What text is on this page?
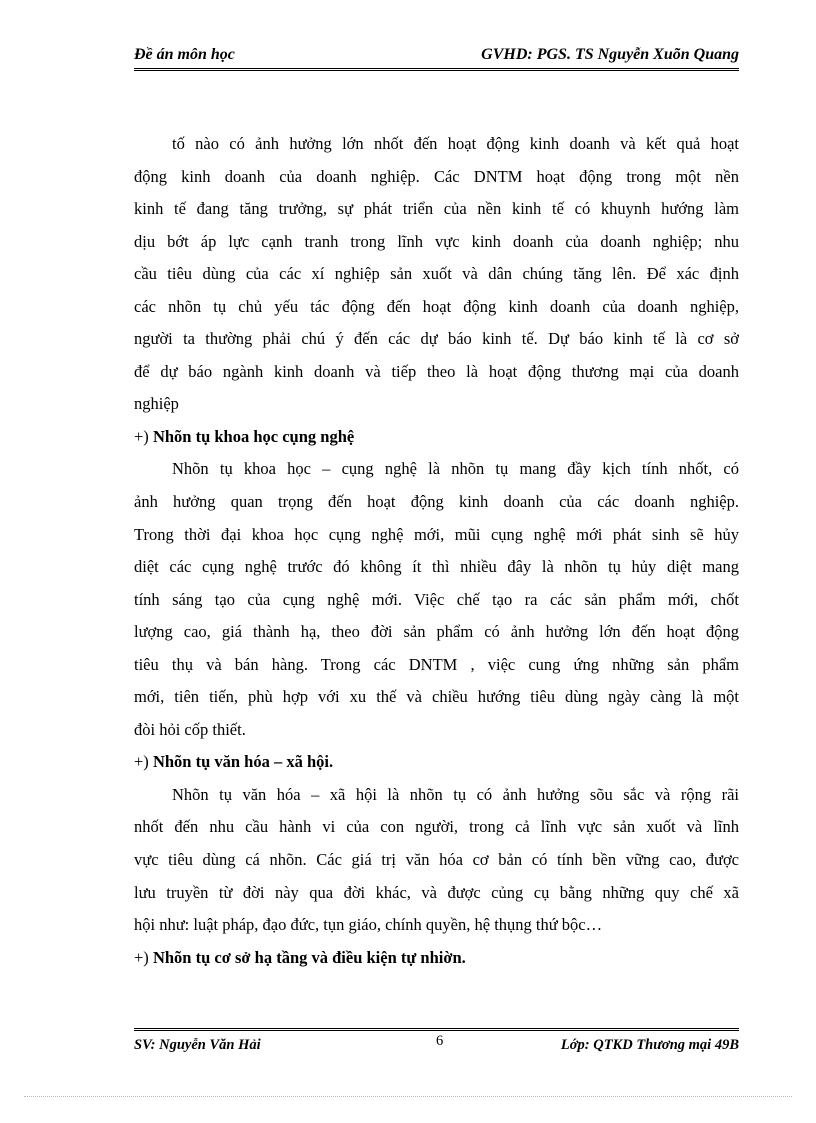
Đề án môn học	GVHD: PGS. TS Nguyễn Xuõn Quang
tố nào có ảnh hưởng lớn nhốt đến hoạt động kinh doanh và kết quả hoạt
động kinh doanh của doanh nghiệp. Các DNTM hoạt động trong một nền
kinh tế đang tăng trưởng, sự phát triển của nền kinh tế có khuynh hướng làm
dịu bớt áp lực cạnh tranh trong lĩnh vực kinh doanh của doanh nghiệp; nhu
cầu tiêu dùng của các xí nghiệp sản xuốt và dân chúng tăng lên. Để xác định
các nhõn tụ chủ yếu tác động đến hoạt động kinh doanh của doanh nghiệp,
người ta thường phải chú ý đến các dự báo kinh tế. Dự báo kinh tế là cơ sở
để dự báo ngành kinh doanh và tiếp theo là hoạt động thương mại của doanh
nghiệp
+) Nhõn tụ khoa học cụng nghệ
Nhõn tụ khoa học – cụng nghệ là nhõn tụ mang đầy kịch tính nhốt, có
ảnh hưởng quan trọng đến hoạt động kinh doanh của các doanh nghiệp.
Trong thời đại khoa học cụng nghệ mới, mũi cụng nghệ mới phát sinh sẽ hủy
diệt các cụng nghệ trước đó không ít thì nhiều đây là nhõn tụ hủy diệt mang
tính sáng tạo của cụng nghệ mới. Việc chế tạo ra các sản phẩm mới, chốt
lượng cao, giá thành hạ, theo đời sản phẩm có ảnh hưởng lớn đến hoạt động
tiêu thụ và bán hàng. Trong các DNTM , việc cung ứng những sản phẩm
mới, tiên tiến, phù hợp với xu thế và chiều hướng tiêu dùng ngày càng là một
đòi hỏi cốp thiết.
+) Nhõn tụ văn hóa – xã hội.
Nhõn tụ văn hóa – xã hội là nhõn tụ có ảnh hưởng sõu sắc và rộng rãi
nhốt đến nhu cầu hành vi của con người, trong cả lĩnh vực sản xuốt và lĩnh
vực tiêu dùng cá nhõn. Các giá trị văn hóa cơ bản có tính bền vững cao, được
lưu truyền từ đời này qua đời khác, và được củng cụ bằng những quy chế xã
hội như: luật pháp, đạo đức, tụn giáo, chính quyền, hệ thụng thứ bộc…
+) Nhõn tụ cơ sở hạ tầng và điều kiện tự nhiờn.
SV: Nguyễn Văn Hải	6	Lớp: QTKD Thương mại 49B
